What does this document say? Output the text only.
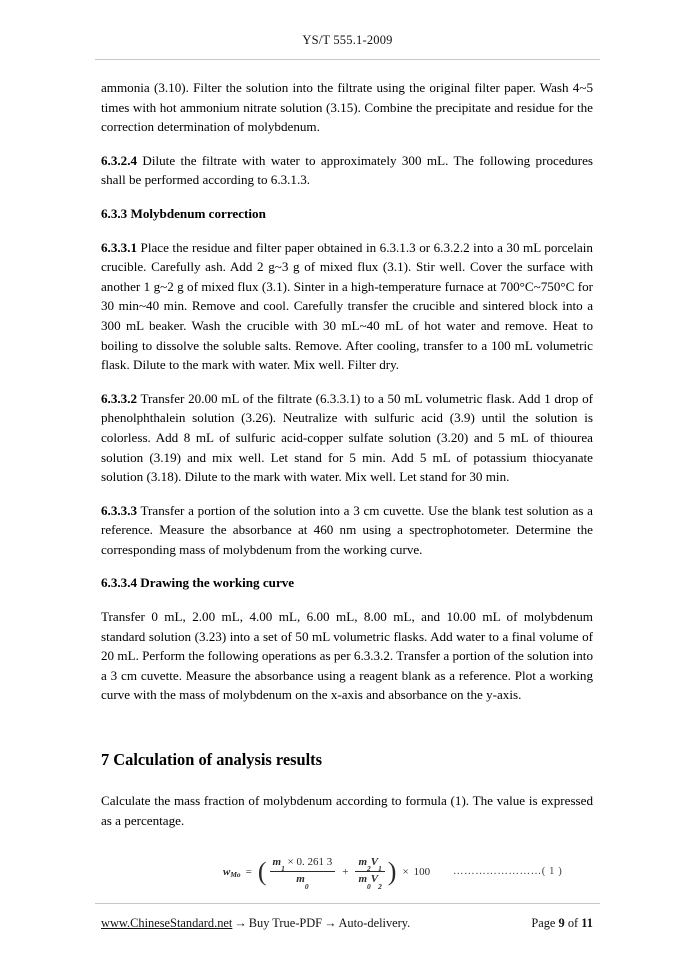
YS/T 555.1-2009

ammonia (3.10). Filter the solution into the filtrate using the original filter paper. Wash 4~5 times with hot ammonium nitrate solution (3.15). Combine the precipitate and residue for the correction determination of molybdenum.

6.3.2.4 Dilute the filtrate with water to approximately 300 mL. The following procedures shall be performed according to 6.3.1.3.

6.3.3 Molybdenum correction

6.3.3.1 Place the residue and filter paper obtained in 6.3.1.3 or 6.3.2.2 into a 30 mL porcelain crucible. Carefully ash. Add 2 g~3 g of mixed flux (3.1). Stir well. Cover the surface with another 1 g~2 g of mixed flux (3.1). Sinter in a high-temperature furnace at 700°C~750°C for 30 min~40 min. Remove and cool. Carefully transfer the crucible and sintered block into a 300 mL beaker. Wash the crucible with 30 mL~40 mL of hot water and remove. Heat to boiling to dissolve the soluble salts. Remove. After cooling, transfer to a 100 mL volumetric flask. Dilute to the mark with water. Mix well. Filter dry.

6.3.3.2 Transfer 20.00 mL of the filtrate (6.3.3.1) to a 50 mL volumetric flask. Add 1 drop of phenolphthalein solution (3.26). Neutralize with sulfuric acid (3.9) until the solution is colorless. Add 8 mL of sulfuric acid-copper sulfate solution (3.20) and 5 mL of thiourea solution (3.19) and mix well. Let stand for 5 min. Add 5 mL of potassium thiocyanate solution (3.18). Dilute to the mark with water. Mix well. Let stand for 30 min.

6.3.3.3 Transfer a portion of the solution into a 3 cm cuvette. Use the blank test solution as a reference. Measure the absorbance at 460 nm using a spectrophotometer. Determine the corresponding mass of molybdenum from the working curve.

6.3.3.4 Drawing the working curve

Transfer 0 mL, 2.00 mL, 4.00 mL, 6.00 mL, 8.00 mL, and 10.00 mL of molybdenum standard solution (3.23) into a set of 50 mL volumetric flasks. Add water to a final volume of 20 mL. Perform the following operations as per 6.3.3.2. Transfer a portion of the solution into a 3 cm cuvette. Measure the absorbance using a reagent blank as a reference. Plot a working curve with the mass of molybdenum on the x-axis and absorbance on the y-axis.

7 Calculation of analysis results

Calculate the mass fraction of molybdenum according to formula (1). The value is expressed as a percentage.

w Mo = ( $\frac{m_1 \times 0. 261 3}{m_0} + \frac{m_2V_1}{m_0V_2}$ ) × 100 ……………………( 1 )
www.ChineseStandard.net → Buy True-PDF → Auto-delivery.	Page 9 of 11
